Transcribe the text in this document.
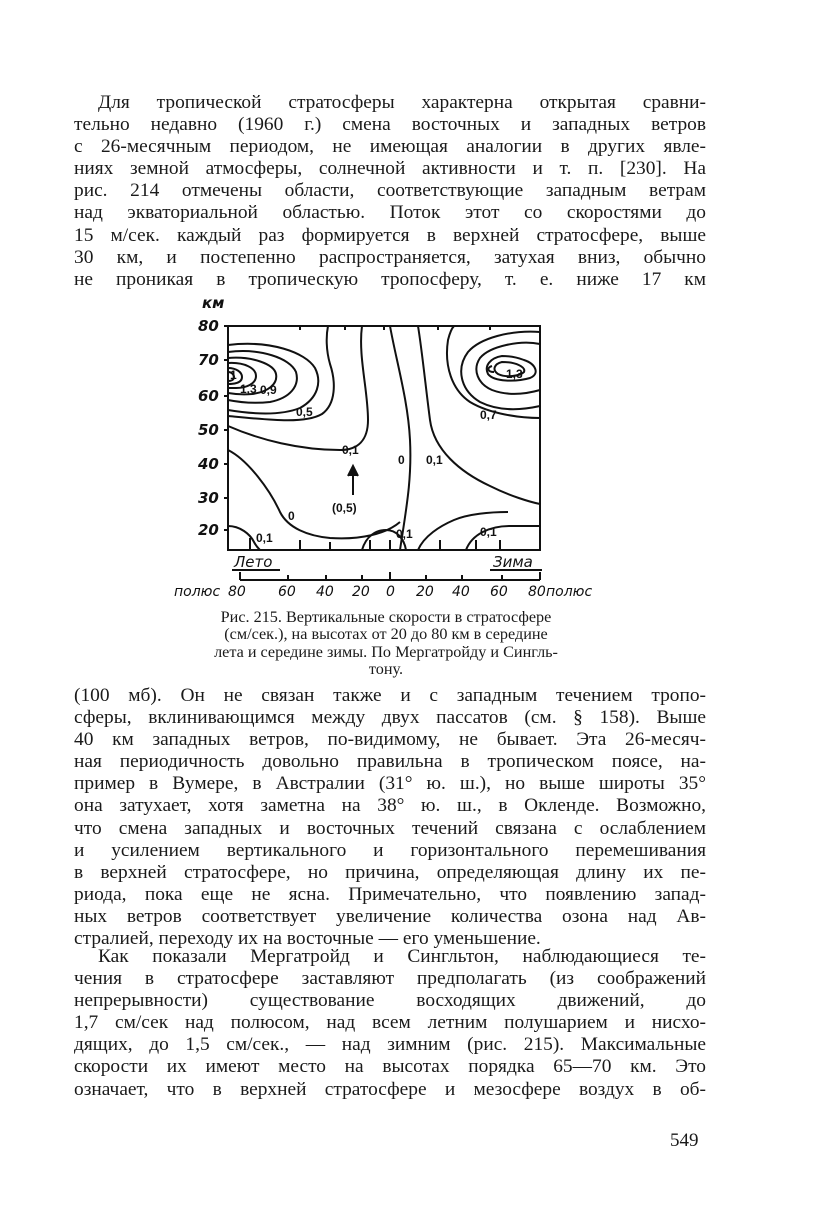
Для тропической стратосферы характерна открытая сравни-
тельно недавно (1960 г.) смена восточных и западных ветров
с 26-месячным периодом, не имеющая аналогии в других явле-
ниях земной атмосферы, солнечной активности и т. п. [230]. На
рис. 214 отмечены области, соответствующие западным ветрам
над экваториальной областью. Поток этот со скоростями до
15 м/сек. каждый раз формируется в верхней стратосфере, выше
30 км, и постепенно распространяется, затухая вниз, обычно
не проникая в тропическую тропосферу, т. е. ниже 17 км
км
80
70
60
50
40
30
20
1
1,3 0,9
0,5
0,1
0 0,1
1,3
0,7
(0,5)
0
0,1	0,1	0,1
Лето	Зима
полюс 80 60 40 20 0 20 40 60 80 полюс
Рис. 215. Вертикальные скорости в стратосфере
(см/сек.), на высотах от 20 до 80 км в середине
лета и середине зимы. По Мергатройду и Сингль-
тону.
(100 мб). Он не связан также и с западным течением тропо-
сферы, вклинивающимся между двух пассатов (см. § 158). Выше
40 км западных ветров, по-видимому, не бывает. Эта 26-месяч-
ная периодичность довольно правильна в тропическом поясе, на-
пример в Вумере, в Австралии (31° ю. ш.), но выше широты 35°
она затухает, хотя заметна на 38° ю. ш., в Окленде. Возможно,
что смена западных и восточных течений связана с ослаблением
и усилением вертикального и горизонтального перемешивания
в верхней стратосфере, но причина, определяющая длину их пе-
риода, пока еще не ясна. Примечательно, что появлению запад-
ных ветров соответствует увеличение количества озона над Ав-
стралией, переходу их на восточные — его уменьшение.
Как показали Мергатройд и Сингльтон, наблюдающиеся те-
чения в стратосфере заставляют предполагать (из соображений
непрерывности) существование восходящих движений, до
1,7 см/сек над полюсом, над всем летним полушарием и нисхо-
дящих, до 1,5 см/сек., — над зимним (рис. 215). Максимальные
скорости их имеют место на высотах порядка 65—70 км. Это
означает, что в верхней стратосфере и мезосфере воздух в об-
549
